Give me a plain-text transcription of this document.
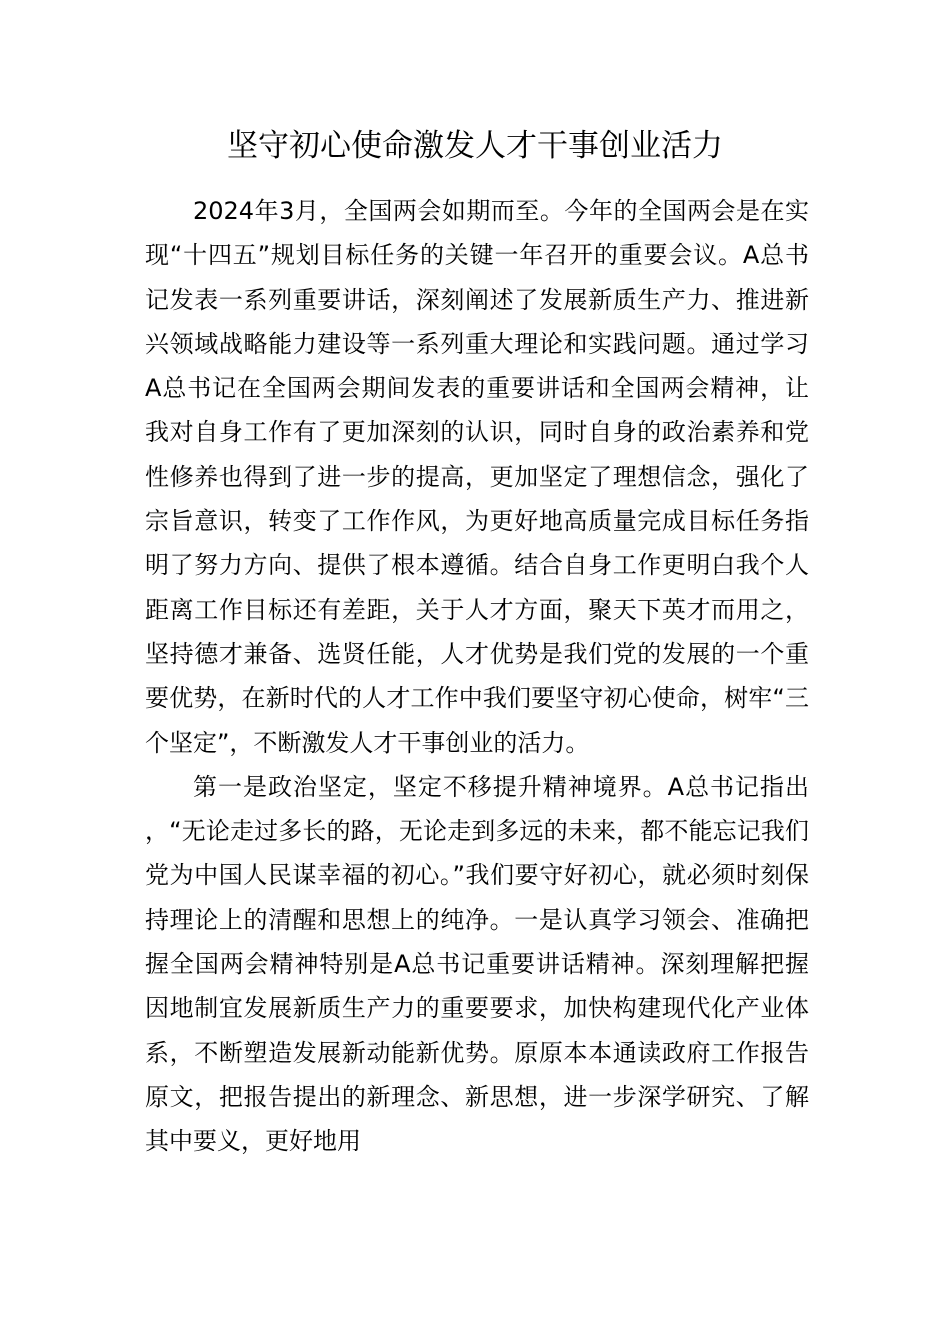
坚守初心使命激发人才干事创业活力

2024年3月，全国两会如期而至。今年的全国两会是在实现“十四五”规划目标任务的关键一年召开的重要会议。A总书记发表一系列重要讲话，深刻阐述了发展新质生产力、推进新兴领域战略能力建设等一系列重大理论和实践问题。通过学习A总书记在全国两会期间发表的重要讲话和全国两会精神，让我对自身工作有了更加深刻的认识，同时自身的政治素养和党性修养也得到了进一步的提高，更加坚定了理想信念，强化了宗旨意识，转变了工作作风，为更好地高质量完成目标任务指明了努力方向、提供了根本遵循。结合自身工作更明白我个人距离工作目标还有差距，关于人才方面，聚天下英才而用之，坚持德才兼备、选贤任能，人才优势是我们党的发展的一个重要优势，在新时代的人才工作中我们要坚守初心使命，树牢“三个坚定”，不断激发人才干事创业的活力。

第一是政治坚定，坚定不移提升精神境界。A总书记指出，“无论走过多长的路，无论走到多远的未来，都不能忘记我们党为中国人民谋幸福的初心。”我们要守好初心，就必须时刻保持理论上的清醒和思想上的纯净。一是认真学习领会、准确把握全国两会精神特别是A总书记重要讲话精神。深刻理解把握因地制宜发展新质生产力的重要要求，加快构建现代化产业体系，不断塑造发展新动能新优势。原原本本通读政府工作报告原文，把报告提出的新理念、新思想，进一步深学研究、了解其中要义，更好地用
